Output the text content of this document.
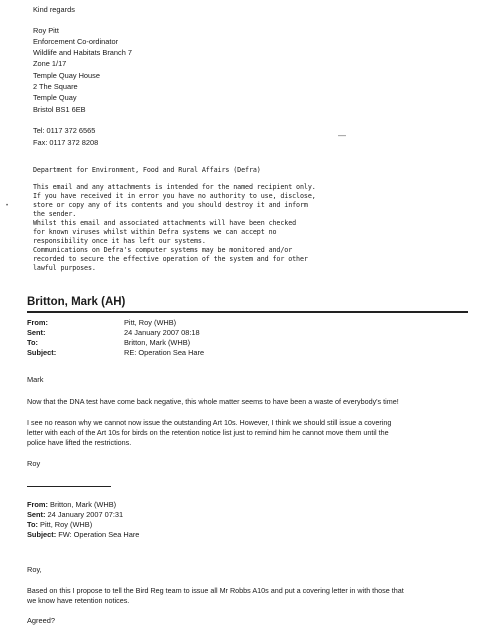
Kind regards
Roy Pitt
Enforcement Co-ordinator
Wildlife and Habitats Branch 7
Zone 1/17
Temple Quay House
2 The Square
Temple Quay
Bristol BS1 6EB
Tel: 0117 372 6565
Fax: 0117 372 8208
—
Department for Environment, Food and Rural Affairs (Defra)
This email and any attachments is intended for the named recipient only.
If you have received it in error you have no authority to use, disclose,
store or copy any of its contents and you should destroy it and inform
the sender.
Whilst this email and associated attachments will have been checked
for known viruses whilst within Defra systems we can accept no
responsibility once it has left our systems.
Communications on Defra's computer systems may be monitored and/or
recorded to secure the effective operation of the system and for other
lawful purposes.
•
Britton, Mark (AH)
From:	Pitt, Roy (WHB)
Sent:	24 January 2007 08:18
To:	Britton, Mark (WHB)
Subject:	RE: Operation Sea Hare
Mark
Now that the DNA test have come back negative, this whole matter seems to have been a waste of everybody's time!
I see no reason why we cannot now issue the outstanding Art 10s. However, I think we should still issue a covering
letter with each of the Art 10s for birds on the retention notice list just to remind him he cannot move them until the
police have lifted the restrictions.
Roy
From: Britton, Mark (WHB)
Sent: 24 January 2007 07:31
To: Pitt, Roy (WHB)
Subject: FW: Operation Sea Hare
Roy,
Based on this I propose to tell the Bird Reg team to issue all Mr Robbs A10s and put a covering letter in with those that
we know have retention notices.
Agreed?
